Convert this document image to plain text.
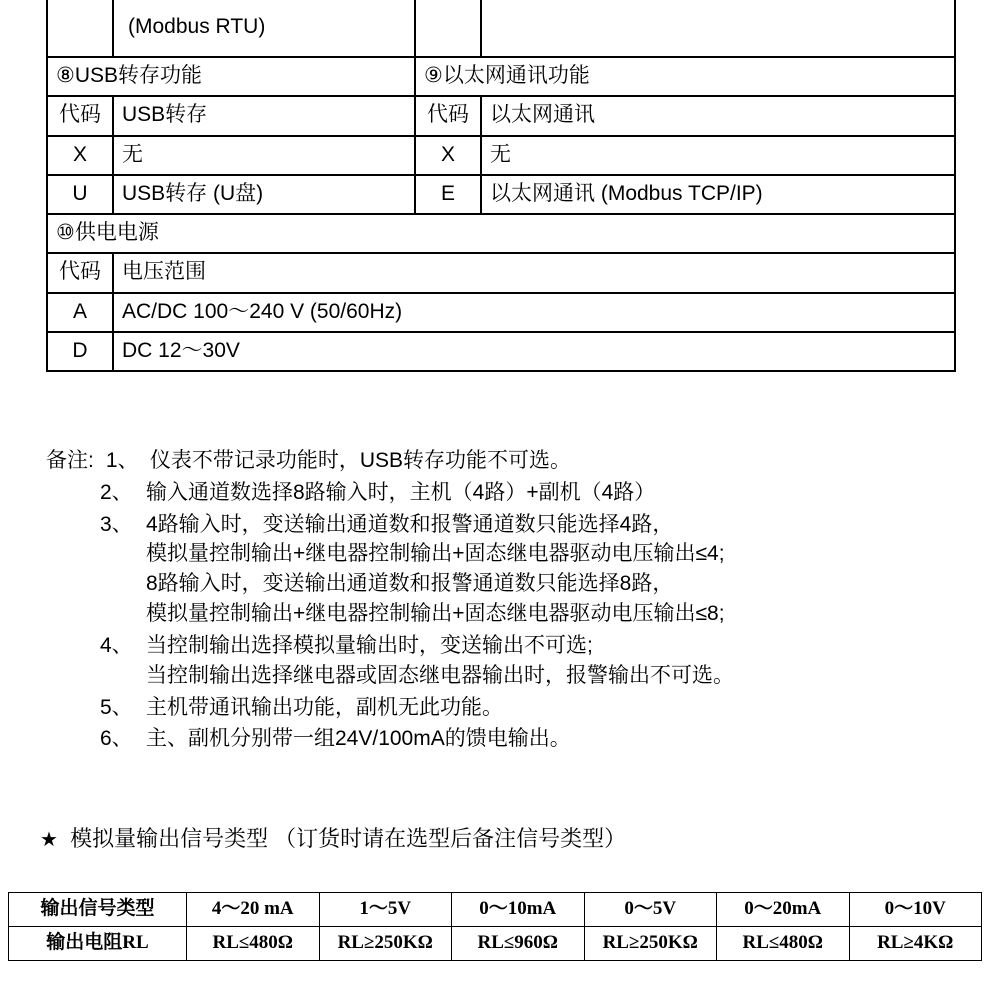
	(Modbus RTU)		
⑧USB转存功能		⑨以太网通讯功能	
代码	USB转存	代码	以太网通讯
X	无	X	无
U	USB转存 (U盘)	E	以太网通讯 (Modbus TCP/IP)
⑩供电电源			
代码	电压范围		
A	AC/DC 100～240 V (50/60Hz)		
D	DC 12～30V		
备注: 1、 仪表不带记录功能时，USB转存功能不可选。
2、 输入通道数选择8路输入时，主机（4路）+副机（4路）
3、 4路输入时，变送输出通道数和报警通道数只能选择4路，
模拟量控制输出+继电器控制输出+固态继电器驱动电压输出≤4;
8路输入时，变送输出通道数和报警通道数只能选择8路，
模拟量控制输出+继电器控制输出+固态继电器驱动电压输出≤8;
4、 当控制输出选择模拟量输出时，变送输出不可选;
当控制输出选择继电器或固态继电器输出时，报警输出不可选。
5、 主机带通讯输出功能，副机无此功能。
6、 主、副机分别带一组24V/100mA的馈电输出。
★ 模拟量输出信号类型 （订货时请在选型后备注信号类型）
输出信号类型	4～20 mA	1～5V	0～10mA	0～5V	0～20mA	0～10V
输出电阻RL	RL≤480Ω	RL≥250KΩ	RL≤960Ω	RL≥250KΩ	RL≤480Ω	RL≥4KΩ
